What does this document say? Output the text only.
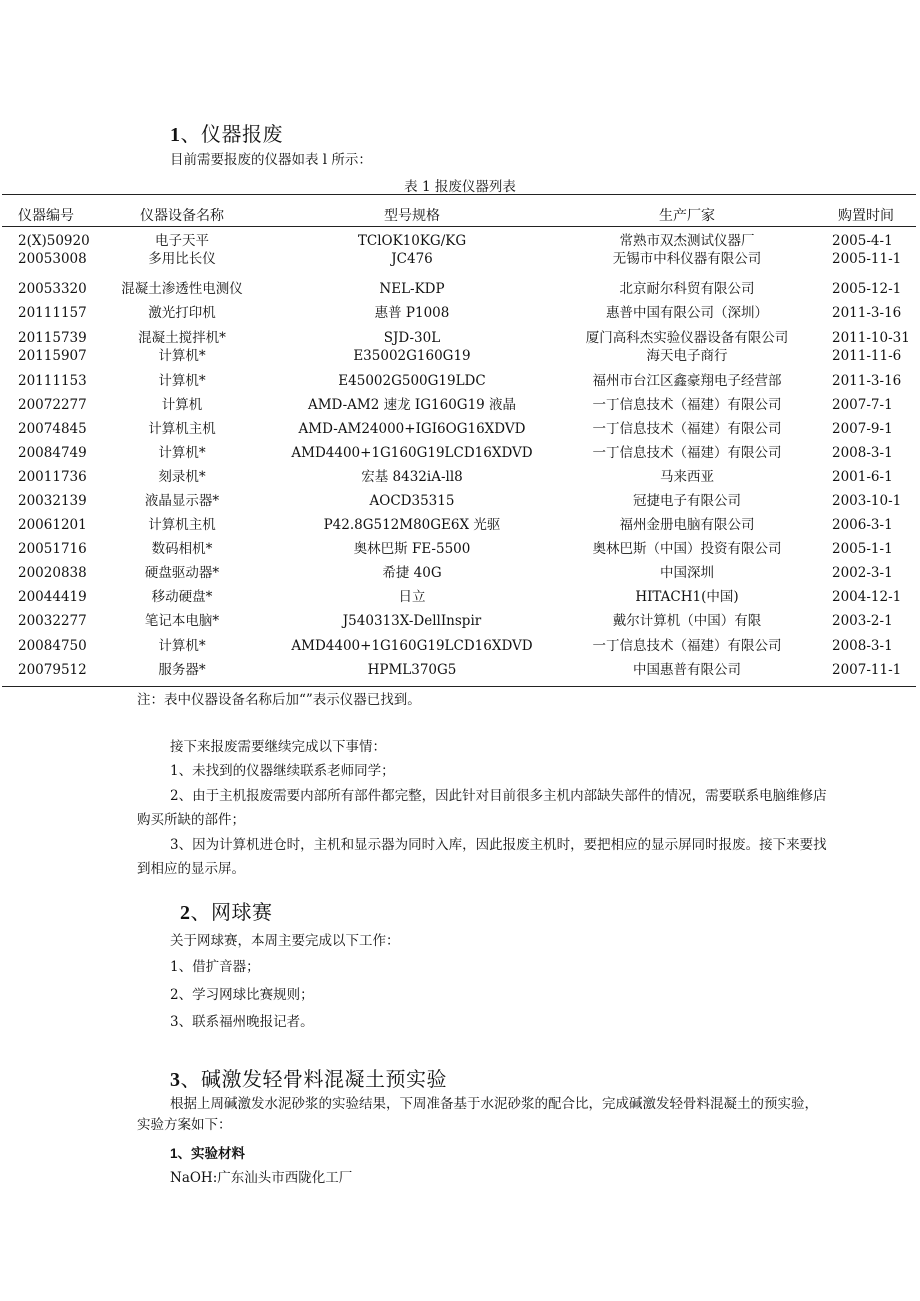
1、仪器报废
目前需要报废的仪器如表 l 所示：
表 1 报废仪器列表
仪器编号	仪器设备名称	型号规格	生产厂家	购置时间
2(X)50920	电子天平	TClOK10KG/KG	常熟市双杰测试仪器厂	2005-4-1
20053008	多用比长仪	JC476	无锡市中科仪器有限公司	2005-11-1
20053320	混凝土渗透性电测仪	NEL-KDP	北京耐尔科贸有限公司	2005-12-1
20111157	激光打印机	惠普 P1008	惠普中国有限公司（深圳）	2011-3-16
20115739	混凝土搅拌机*	SJD-30L	厦门高科杰实验仪器设备有限公司	2011-10-31
20115907	计算机*	E35002G160G19	海天电子商行	2011-11-6
20111153	计算机*	E45002G500G19LDC	福州市台江区鑫豪翔电子经营部	2011-3-16
20072277	计算机	AMD-AM2 速龙 IG160G19 液晶	一丁信息技术（福建）有限公司	2007-7-1
20074845	计算机主机	AMD-AM24000+IGI6OG16XDVD	一丁信息技术（福建）有限公司	2007-9-1
20084749	计算机*	AMD4400+1G160G19LCD16XDVD	一丁信息技术（福建）有限公司	2008-3-1
20011736	刻录机*	宏基 8432iA-ll8	马来西亚	2001-6-1
20032139	液晶显示器*	AOCD35315	冠捷电子有限公司	2003-10-1
20061201	计算机主机	P42.8G512M80GE6X 光驱	福州金册电脑有限公司	2006-3-1
20051716	数码相机*	奥林巴斯 FE-5500	奥林巴斯（中国）投资有限公司	2005-1-1
20020838	硬盘驱动器*	希捷 40G	中国深圳	2002-3-1
20044419	移动硬盘*	日立	HITACH1(中国)	2004-12-1
20032277	笔记本电脑*	J540313X-DellInspir	戴尔计算机（中国）有限	2003-2-1
20084750	计算机*	AMD4400+1G160G19LCD16XDVD	一丁信息技术（福建）有限公司	2008-3-1
20079512	服务器*	HPML370G5	中国惠普有限公司	2007-11-1
注：表中仪器设备名称后加“”表示仪器已找到。
接下来报废需要继续完成以下事情：
1、未找到的仪器继续联系老师同学；
2、由于主机报废需要内部所有部件都完整，因此针对目前很多主机内部缺失部件的情况，需要联系电脑维修店
购买所缺的部件；
3、因为计算机进仓时，主机和显示器为同时入库，因此报废主机时，要把相应的显示屏同时报废。接下来要找
到相应的显示屏。
2、网球赛
关于网球赛，本周主要完成以下工作：
1、借扩音器；
2、学习网球比赛规则；
3、联系福州晚报记者。
3、碱激发轻骨料混凝土预实验
根据上周碱激发水泥砂浆的实验结果，下周准备基于水泥砂浆的配合比，完成碱激发轻骨料混凝土的预实验，
实验方案如下：
1、实验材料
NaOH:广东汕头市西陇化工厂
